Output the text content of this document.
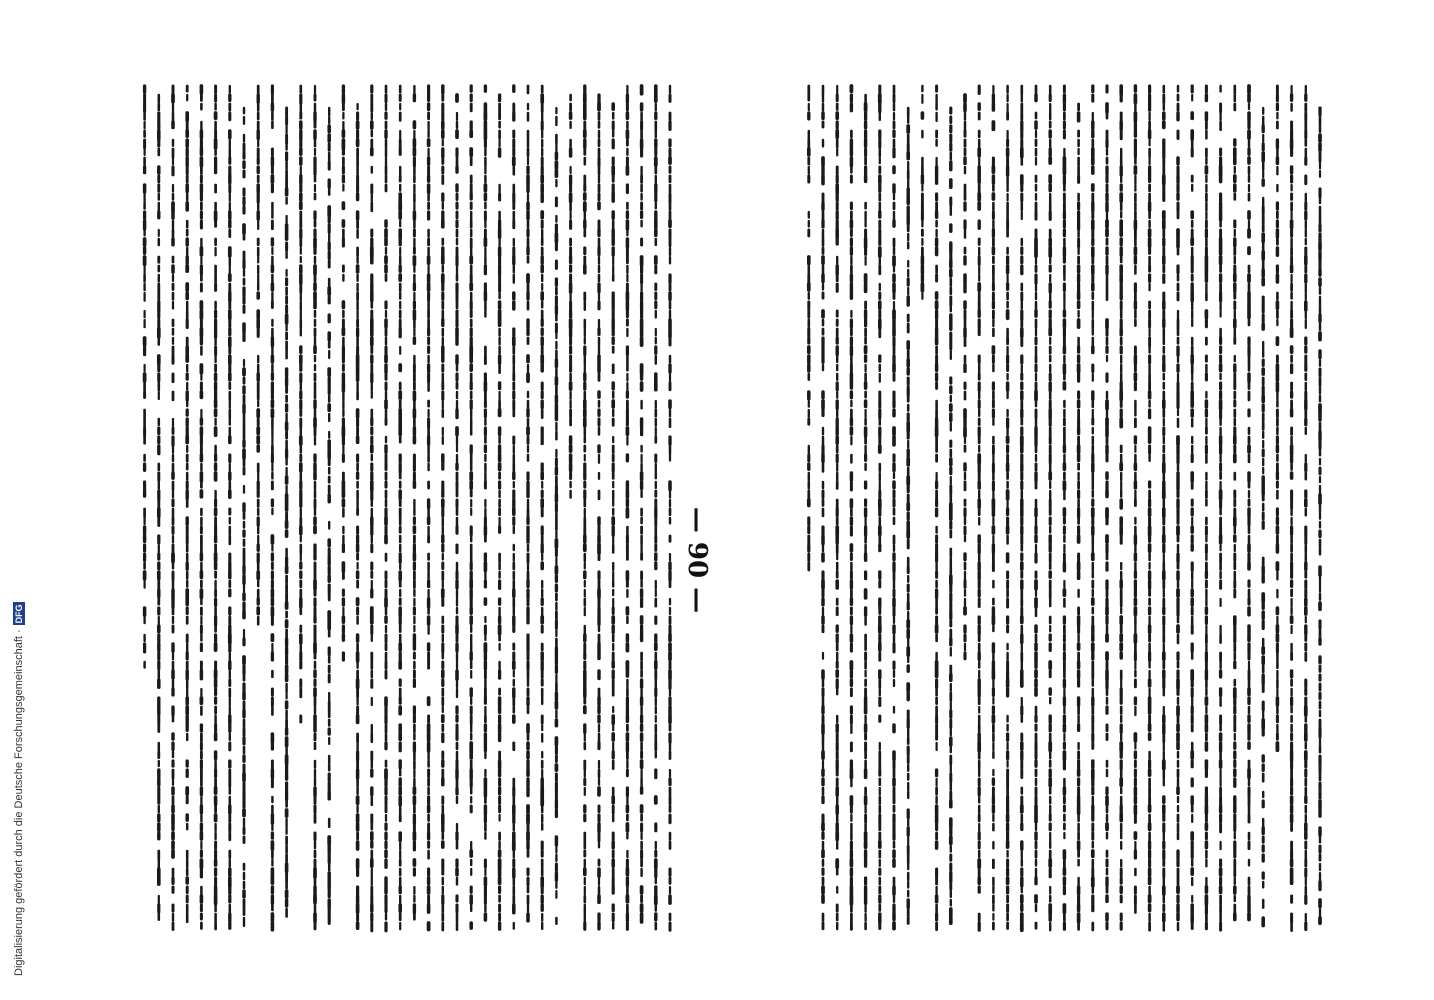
Digitalisierung gefördert durch die Deutsche Forschungsgemeinschaft ·
DFG
— 90 —
